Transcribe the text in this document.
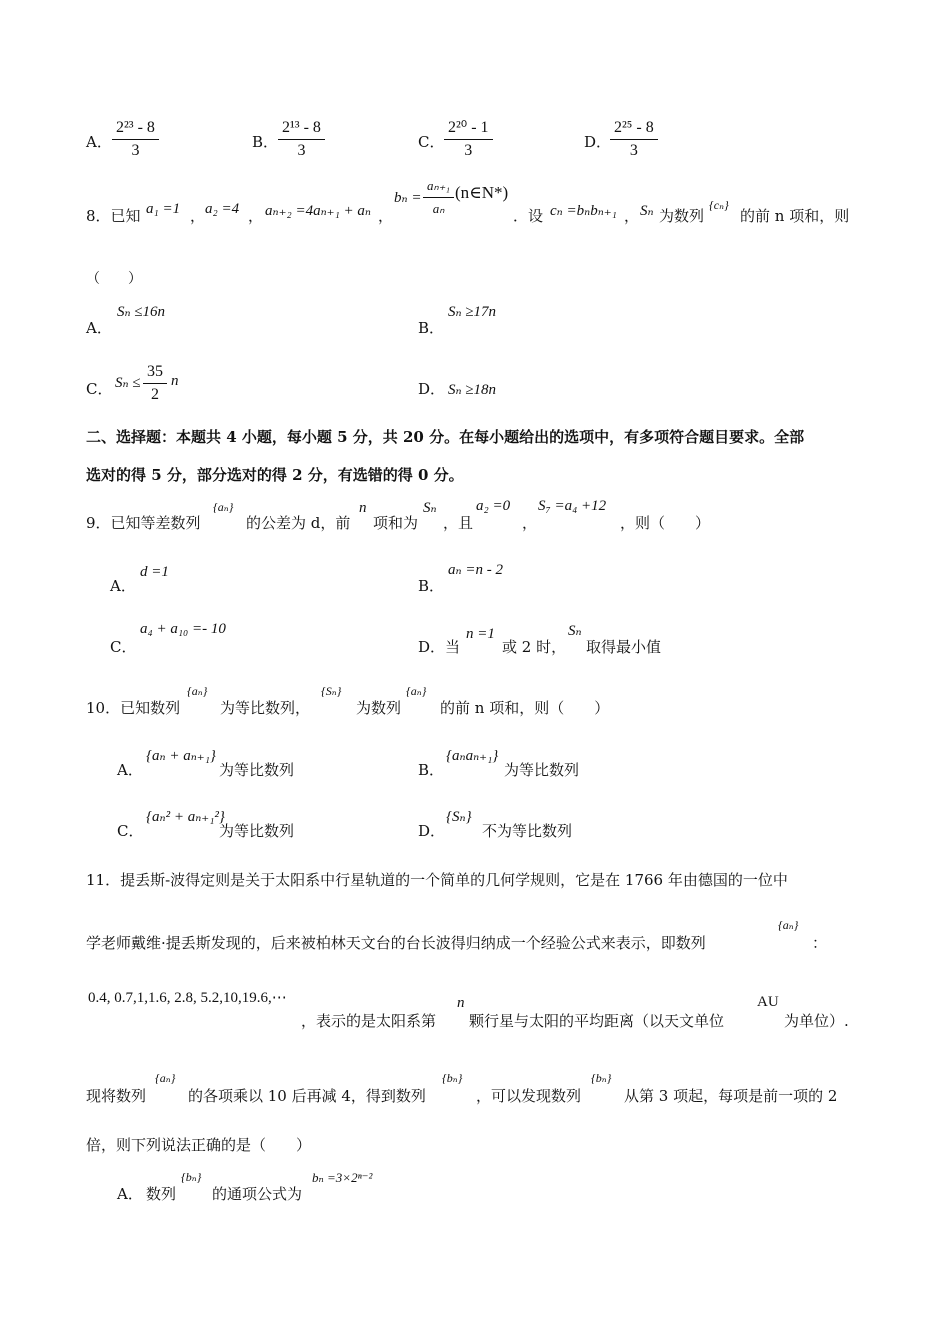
A． $\frac{\text{2²³ - 8}}{3}$	B． $\frac{\text{2¹³ - 8}}{3}$	C． $\frac{\text{2²⁰ - 1}}{3}$	D．
$\frac{\text{2²⁵ - 8}}{3}$
8．已知 a₁ =1 ， a₂ =4 ， aₙ₊₂ =4aₙ₊₁ + aₙ ，
$b_n = \frac{\text{aₙ₊₁}}{\text{aₙ}}$ (n∈N*)
．设 cₙ =bₙbₙ₊₁ ， Sₙ 为数列
{cₙ}
的前 n 项和，则
（　　）
A．
Sₙ ≤16n
B．
Sₙ ≥17n
C． $S_n \le \frac{35}{2}$ n	D． Sₙ ≥18n
二、选择题：本题共 4 小题，每小题 5 分，共 20 分。在每小题给出的选项中，有多项符合题目要求。全部
选对的得 5 分，部分选对的得 2 分，有选错的得 0 分。
9．已知等差数列
{aₙ}
的公差为 d，前
n
项和为
Sₙ
，且
a₂ =0
，
S₇ =a₄ +12
，则（　　）
A．
d =1
B．
aₙ =n - 2
C．
a₄ + a₁₀ =- 10
D．当
n =1
或 2 时，
Sₙ
取得最小值
10．已知数列
{aₙ}
为等比数列，
{Sₙ}
为数列
{aₙ}
的前 n 项和，则（　　）
A．
{aₙ + aₙ₊₁}
为等比数列	B．
{aₙaₙ₊₁}
为等比数列
C．
{aₙ² + aₙ₊₁²}
为等比数列	D．
{Sₙ}
不为等比数列
11．提丢斯-波得定则是关于太阳系中行星轨道的一个简单的几何学规则，它是在 1766 年由德国的一位中
学老师戴维·提丢斯发现的，后来被柏林天文台的台长波得归纳成一个经验公式来表示，即数列
{aₙ}
：
0.4, 0.7,1,1.6, 2.8, 5.2,10,19.6,⋯
，表示的是太阳系第
n
颗行星与太阳的平均距离（以天文单位
AU
为单位）.
现将数列
{aₙ}
的各项乘以 10 后再减 4，得到数列
{bₙ}
，可以发现数列
{bₙ}
从第 3 项起，每项是前一项的 2
倍，则下列说法正确的是（　　）
A． 数列
{bₙ}
的通项公式为
bₙ =3×2ⁿ⁻²
